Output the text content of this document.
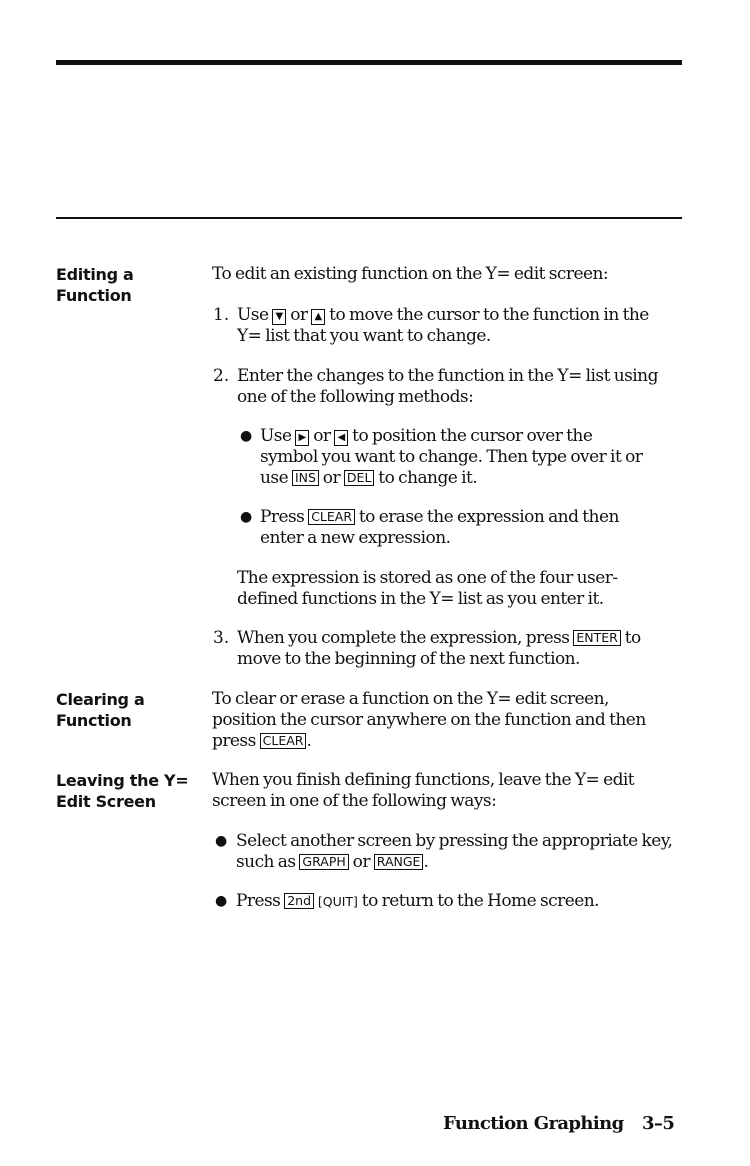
Editing a
Function
To edit an existing function on the Y= edit screen:
1. Use ▼ or ▲ to move the cursor to the function in the
Y= list that you want to change.
2. Enter the changes to the function in the Y= list using
one of the following methods:
● Use ▶ or ◀ to position the cursor over the
symbol you want to change. Then type over it or
use INS or DEL to change it.
● Press CLEAR to erase the expression and then
enter a new expression.
The expression is stored as one of the four user-
defined functions in the Y= list as you enter it.
3. When you complete the expression, press ENTER to
move to the beginning of the next function.
Clearing a
Function
To clear or erase a function on the Y= edit screen,
position the cursor anywhere on the function and then
press CLEAR .
Leaving the Y=
Edit Screen
When you finish defining functions, leave the Y= edit
screen in one of the following ways:
● Select another screen by pressing the appropriate key,
such as GRAPH or RANGE .
● Press 2nd [QUIT] to return to the Home screen.
Function Graphing 3–5
